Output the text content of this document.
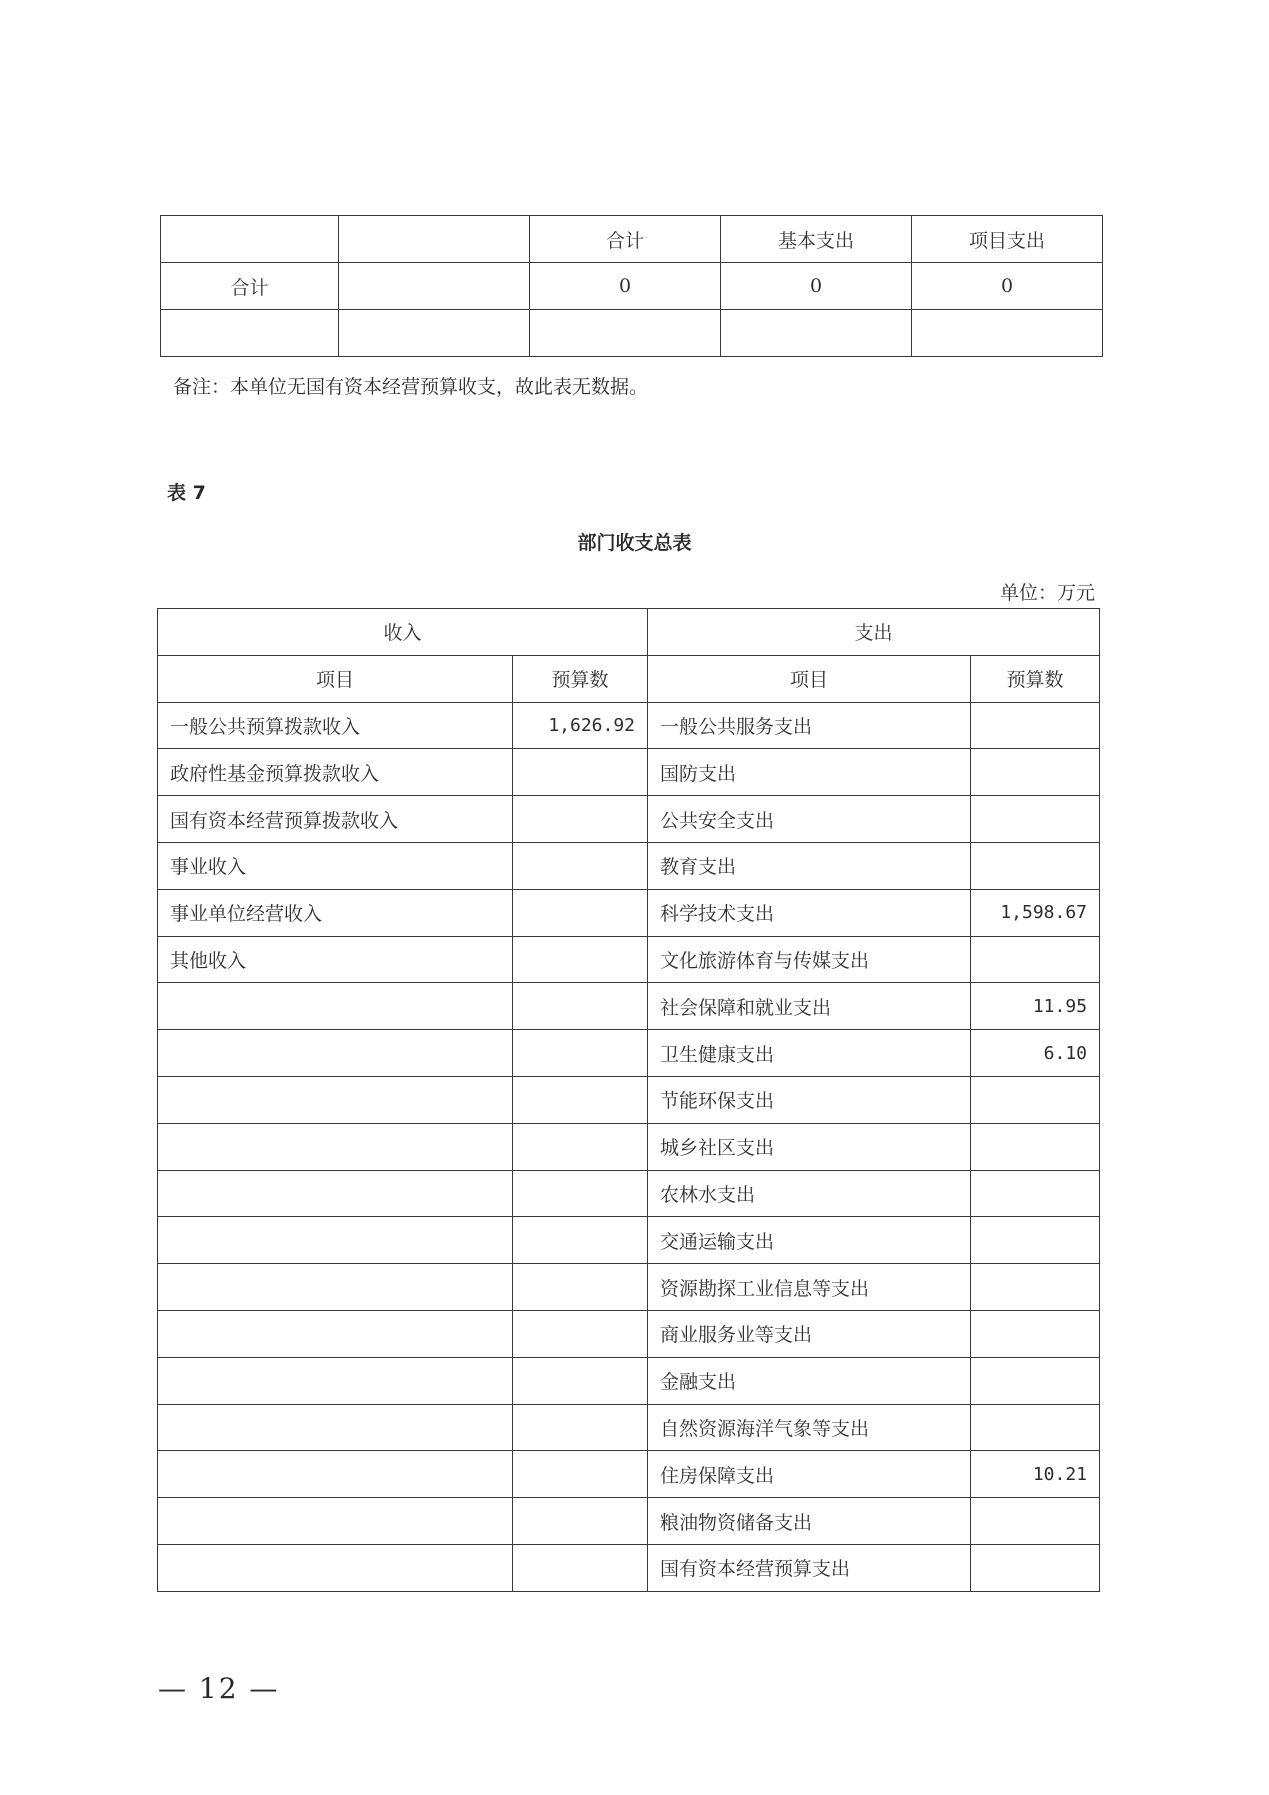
		合计	基本支出	项目支出
合计		0	0	0

备注：本单位无国有资本经营预算收支，故此表无数据。
表 7
部门收支总表
单位：万元
收入		支出	
项目	预算数	项目	预算数
一般公共预算拨款收入	1,626.92	一般公共服务支出	
政府性基金预算拨款收入		国防支出	
国有资本经营预算拨款收入		公共安全支出	
事业收入		教育支出	
事业单位经营收入		科学技术支出	1,598.67
其他收入		文化旅游体育与传媒支出	
		社会保障和就业支出	11.95
		卫生健康支出	6.10
		节能环保支出	
		城乡社区支出	
		农林水支出	
		交通运输支出	
		资源勘探工业信息等支出	
		商业服务业等支出	
		金融支出	
		自然资源海洋气象等支出	
		住房保障支出	10.21
		粮油物资储备支出	
		国有资本经营预算支出	
— 12 —
